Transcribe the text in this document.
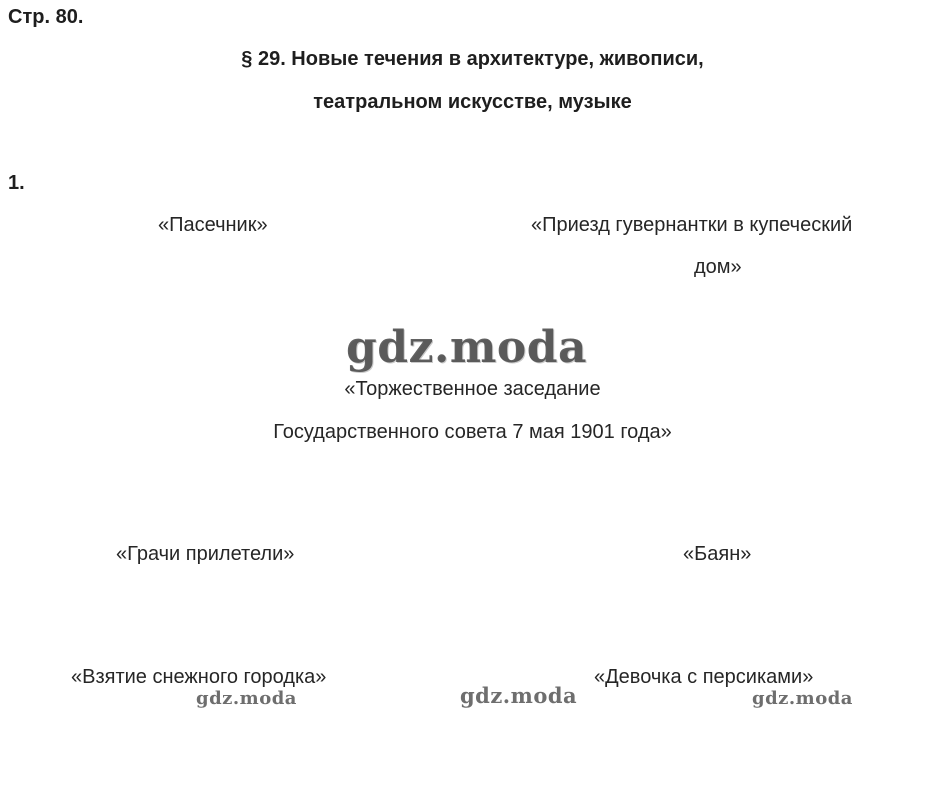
Стр. 80.
§ 29. Новые течения в архитектуре, живописи,
театральном искусстве, музыке
1.
«Пасечник»	«Приезд гувернантки в купеческий
дом»
gdz.moda
«Торжественное заседание
Государственного совета 7 мая 1901 года»
«Грачи прилетели»	«Баян»
«Взятие снежного городка»	«Девочка с персиками»
gdz.moda	gdz.moda	gdz.moda
